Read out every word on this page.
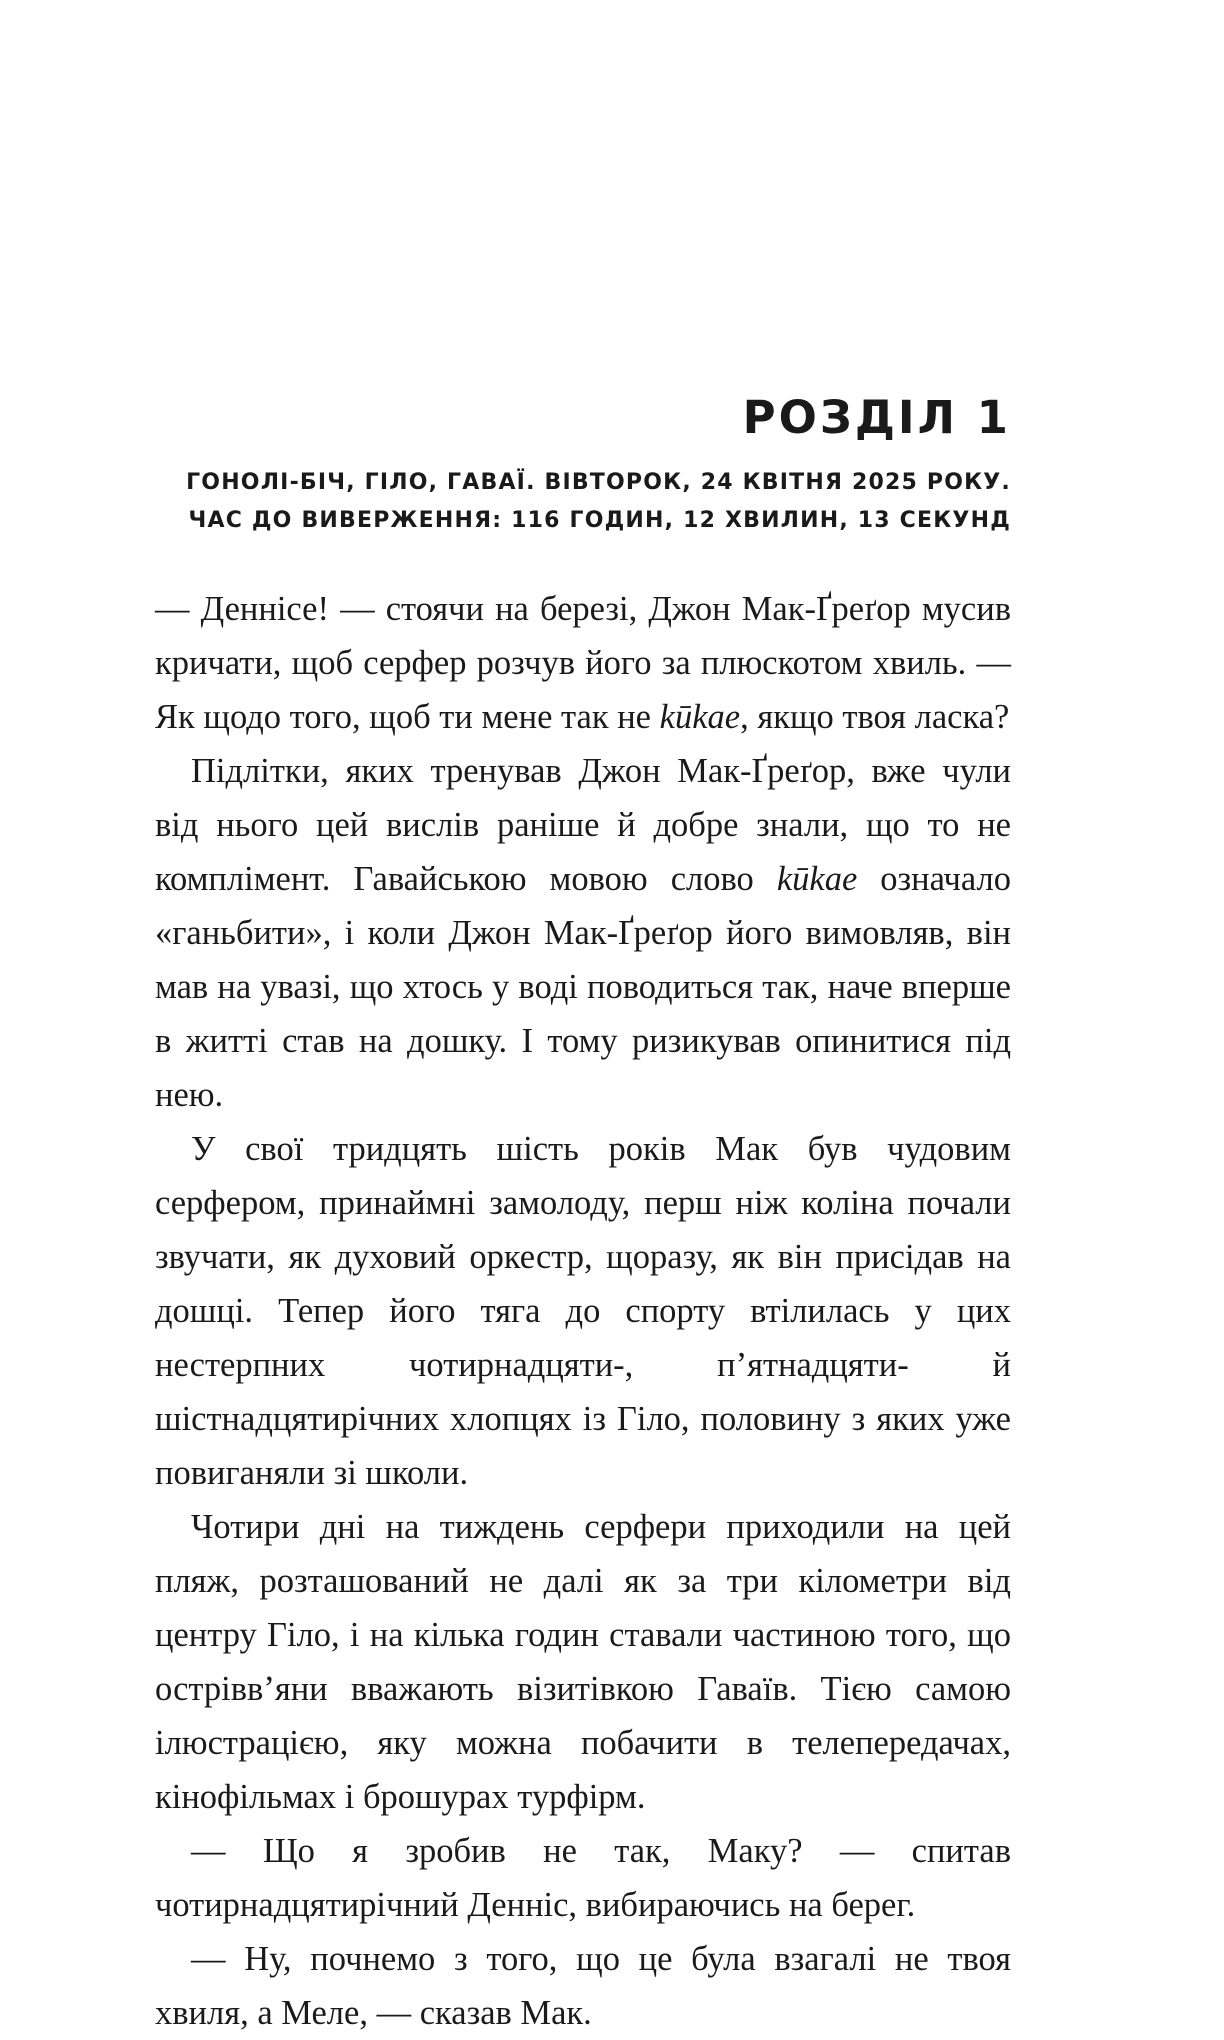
РОЗДІЛ 1
ГОНОЛІ-БІЧ, ГІЛО, ГАВАЇ. ВІВТОРОК, 24 КВІТНЯ 2025 РОКУ.
ЧАС ДО ВИВЕРЖЕННЯ: 116 ГОДИН, 12 ХВИЛИН, 13 СЕКУНД

— Деннісе! — стоячи на березі, Джон Мак-Ґреґор мусив кричати, щоб серфер розчув його за плюскотом хвиль. — Як щодо того, щоб ти мене так не kūkae, якщо твоя ласка?

Підлітки, яких тренував Джон Мак-Ґреґор, вже чули від нього цей вислів раніше й добре знали, що то не комплімент. Гавайською мовою слово kūkae означало «ганьбити», і коли Джон Мак-Ґреґор його вимовляв, він мав на увазі, що хтось у воді поводиться так, наче вперше в житті став на дошку. І тому ризикував опинитися під нею.

У свої тридцять шість років Мак був чудовим серфером, принаймні замолоду, перш ніж коліна почали звучати, як духовий оркестр, щоразу, як він присідав на дошці. Тепер його тяга до спорту втілилась у цих нестерпних чотирнадцяти-, п’ятнадцяти- й шістнадцятирічних хлопцях із Гіло, половину з яких уже повиганяли зі школи.

Чотири дні на тиждень серфери приходили на цей пляж, розташований не далі як за три кілометри від центру Гіло, і на кілька годин ставали частиною того, що остріввʼяни вважають візитівкою Гаваїв. Тією самою ілюстрацією, яку можна побачити в телепередачах, кінофільмах і брошурах турфірм.

— Що я зробив не так, Маку? — спитав чотирнадцятирічний Денніс, вибираючись на берег.

— Ну, почнемо з того, що це була взагалі не твоя хвиля, а Меле, — сказав Мак.
